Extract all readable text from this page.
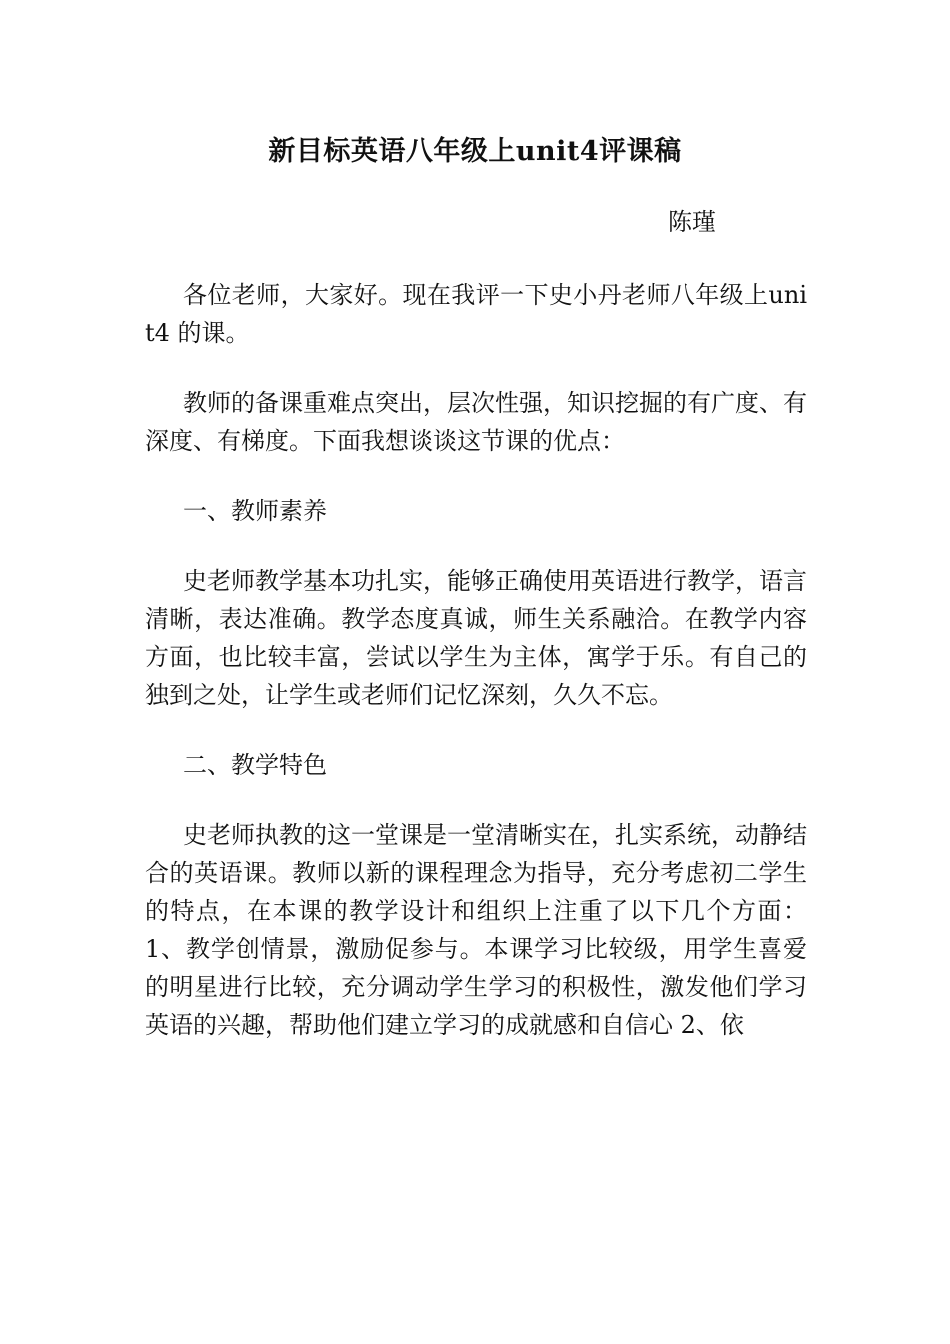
新目标英语八年级上unit4评课稿

陈瑾

各位老师，大家好。现在我评一下史小丹老师八年级上unit4 的课。

教师的备课重难点突出，层次性强，知识挖掘的有广度、有深度、有梯度。下面我想谈谈这节课的优点：

一、教师素养

史老师教学基本功扎实，能够正确使用英语进行教学，语言清晰，表达准确。教学态度真诚，师生关系融洽。在教学内容方面，也比较丰富，尝试以学生为主体，寓学于乐。有自己的独到之处，让学生或老师们记忆深刻，久久不忘。

二、教学特色

史老师执教的这一堂课是一堂清晰实在，扎实系统，动静结合的英语课。教师以新的课程理念为指导，充分考虑初二学生的特点，在本课的教学设计和组织上注重了以下几个方面：1、教学创情景，激励促参与。本课学习比较级，用学生喜爱的明星进行比较，充分调动学生学习的积极性，激发他们学习英语的兴趣，帮助他们建立学习的成就感和自信心 2、依
